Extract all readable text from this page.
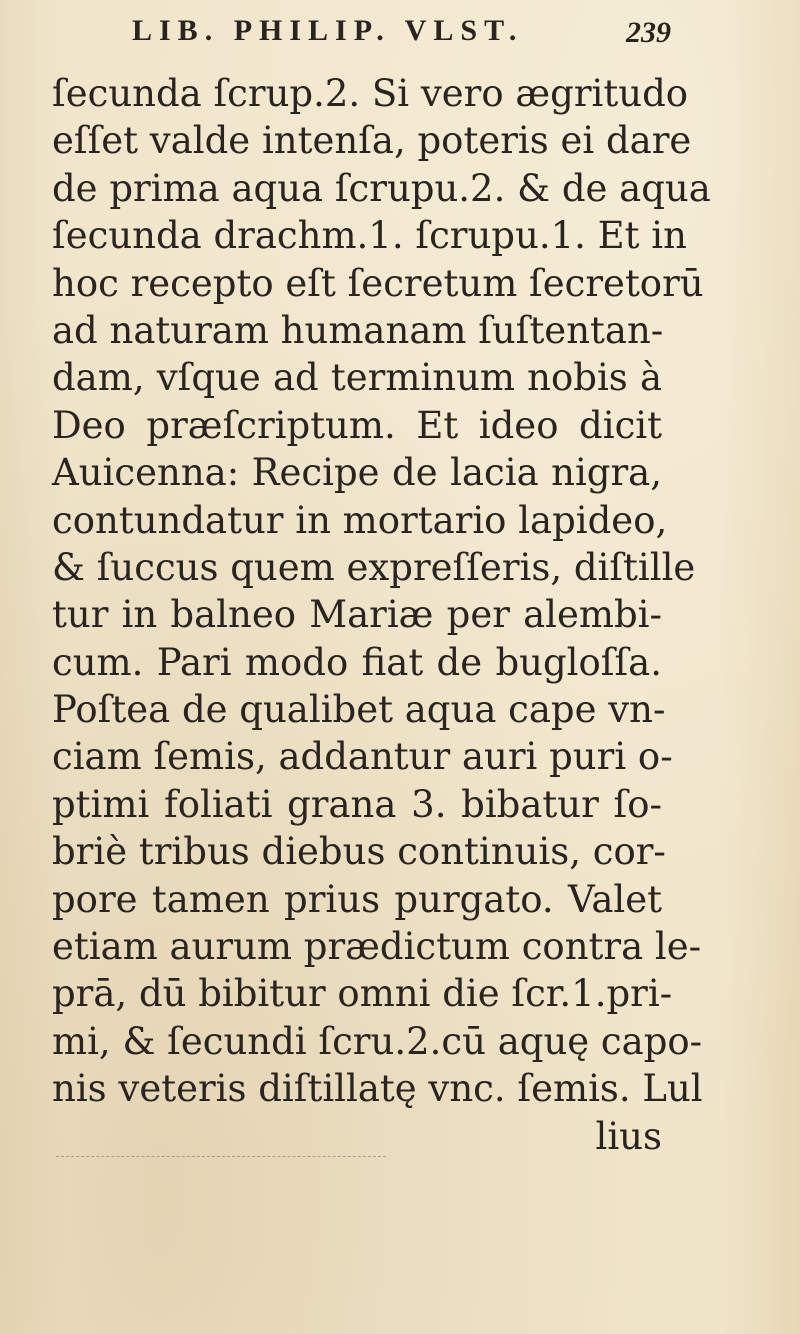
LIB. PHILIP. VLST.	239
ſecunda ſcrup.2. Si vero ægritudo
eſſet valde intenſa, poteris ei dare
de prima aqua ſcrupu.2. & de aqua
ſecunda drachm.1. ſcrupu.1. Et in
hoc recepto eſt ſecretum ſecretorū
ad naturam humanam ſuſtentan-
dam, vſque ad terminum nobis à
Deo præſcriptum. Et ideo dicit
Auicenna: Recipe de lacia nigra,
contundatur in mortario lapideo,
& ſuccus quem expreſſeris, diſtille
tur in balneo Mariæ per alembi-
cum. Pari modo fiat de bugloſſa.
Poſtea de qualibet aqua cape vn-
ciam ſemis, addantur auri puri o-
ptimi foliati grana 3. bibatur ſo-
briè tribus diebus continuis, cor-
pore tamen prius purgato. Valet
etiam aurum prædictum contra le-
prā, dū bibitur omni die ſcr.1.pri-
mi, & ſecundi ſcru.2.cū aquę capo-
nis veteris diſtillatę vnc. ſemis. Lul
lius
